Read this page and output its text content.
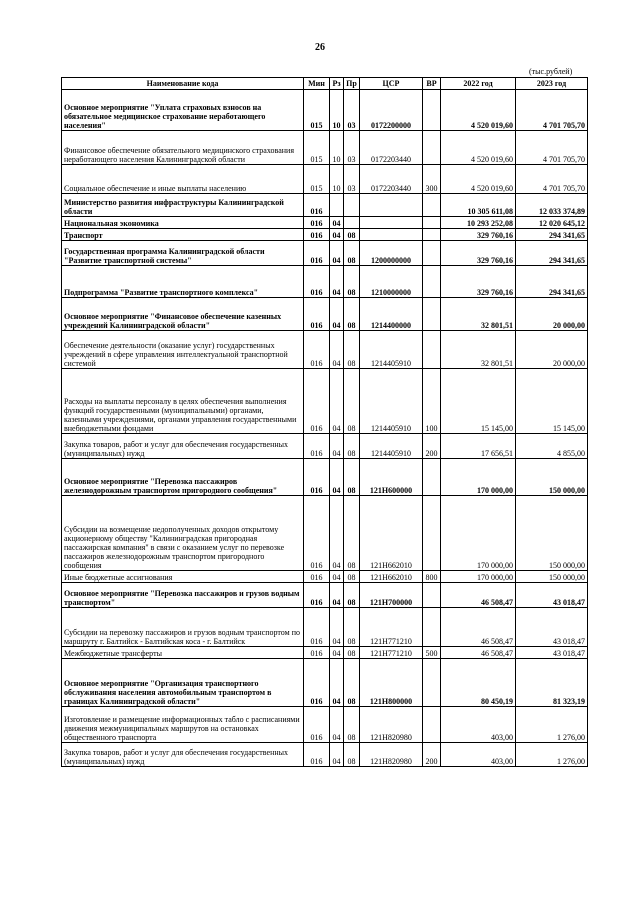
26
(тыс.рублей)
Наименование кода	Мин	Рз	Пр	ЦСР	ВР	2022 год	2023 год
Основное мероприятие "Уплата страховых взносов на обязательное медицинское страхование неработающего населения"	015	10	03	0172200000		4 520 019,60	4 701 705,70
Финансовое обеспечение обязательного медицинского страхования неработающего населения Калининградской области	015	10	03	0172203440		4 520 019,60	4 701 705,70
Социальное обеспечение и иные выплаты населению	015	10	03	0172203440	300	4 520 019,60	4 701 705,70
Министерство развития инфраструктуры Калининградской области	016					10 305 611,08	12 033 374,89
Национальная экономика	016	04				10 293 252,08	12 020 645,12
Транспорт	016	04	08			329 760,16	294 341,65
Государственная программа Калининградской области "Развитие транспортной системы"	016	04	08	1200000000		329 760,16	294 341,65
Подпрограмма "Развитие транспортного комплекса"	016	04	08	1210000000		329 760,16	294 341,65
Основное мероприятие "Финансовое обеспечение казенных учреждений Калининградской области"	016	04	08	1214400000		32 801,51	20 000,00
Обеспечение деятельности (оказание услуг) государственных учреждений в сфере управления интеллектуальной транспортной системой	016	04	08	1214405910		32 801,51	20 000,00
Расходы на выплаты персоналу в целях обеспечения выполнения функций государственными (муниципальными) органами, казенными учреждениями, органами управления государственными внебюджетными фондами	016	04	08	1214405910	100	15 145,00	15 145,00
Закупка товаров, работ и услуг для обеспечения государственных (муниципальных) нужд	016	04	08	1214405910	200	17 656,51	4 855,00
Основное мероприятие "Перевозка пассажиров железнодорожным транспортом пригородного сообщения"	016	04	08	121Н600000		170 000,00	150 000,00
Субсидии на возмещение недополученных доходов открытому акционерному обществу "Калининградская пригородная пассажирская компания" в связи с оказанием услуг по перевозке пассажиров железнодорожным транспортом пригородного сообщения	016	04	08	121Н662010		170 000,00	150 000,00
Иные бюджетные ассигнования	016	04	08	121Н662010	800	170 000,00	150 000,00
Основное мероприятие "Перевозка пассажиров и грузов водным транспортом"	016	04	08	121Н700000		46 508,47	43 018,47
Субсидии на перевозку пассажиров и грузов водным транспортом по маршруту г. Балтийск - Балтийская коса - г. Балтийск	016	04	08	121Н771210		46 508,47	43 018,47
Межбюджетные трансферты	016	04	08	121Н771210	500	46 508,47	43 018,47
Основное мероприятие "Организация транспортного обслуживания населения автомобильным транспортом в границах Калининградской области"	016	04	08	121Н800000		80 450,19	81 323,19
Изготовление и размещение информационных табло с расписаниями движения межмуниципальных маршрутов на остановках общественного транспорта	016	04	08	121Н820980		403,00	1 276,00
Закупка товаров, работ и услуг для обеспечения государственных (муниципальных) нужд	016	04	08	121Н820980	200	403,00	1 276,00
